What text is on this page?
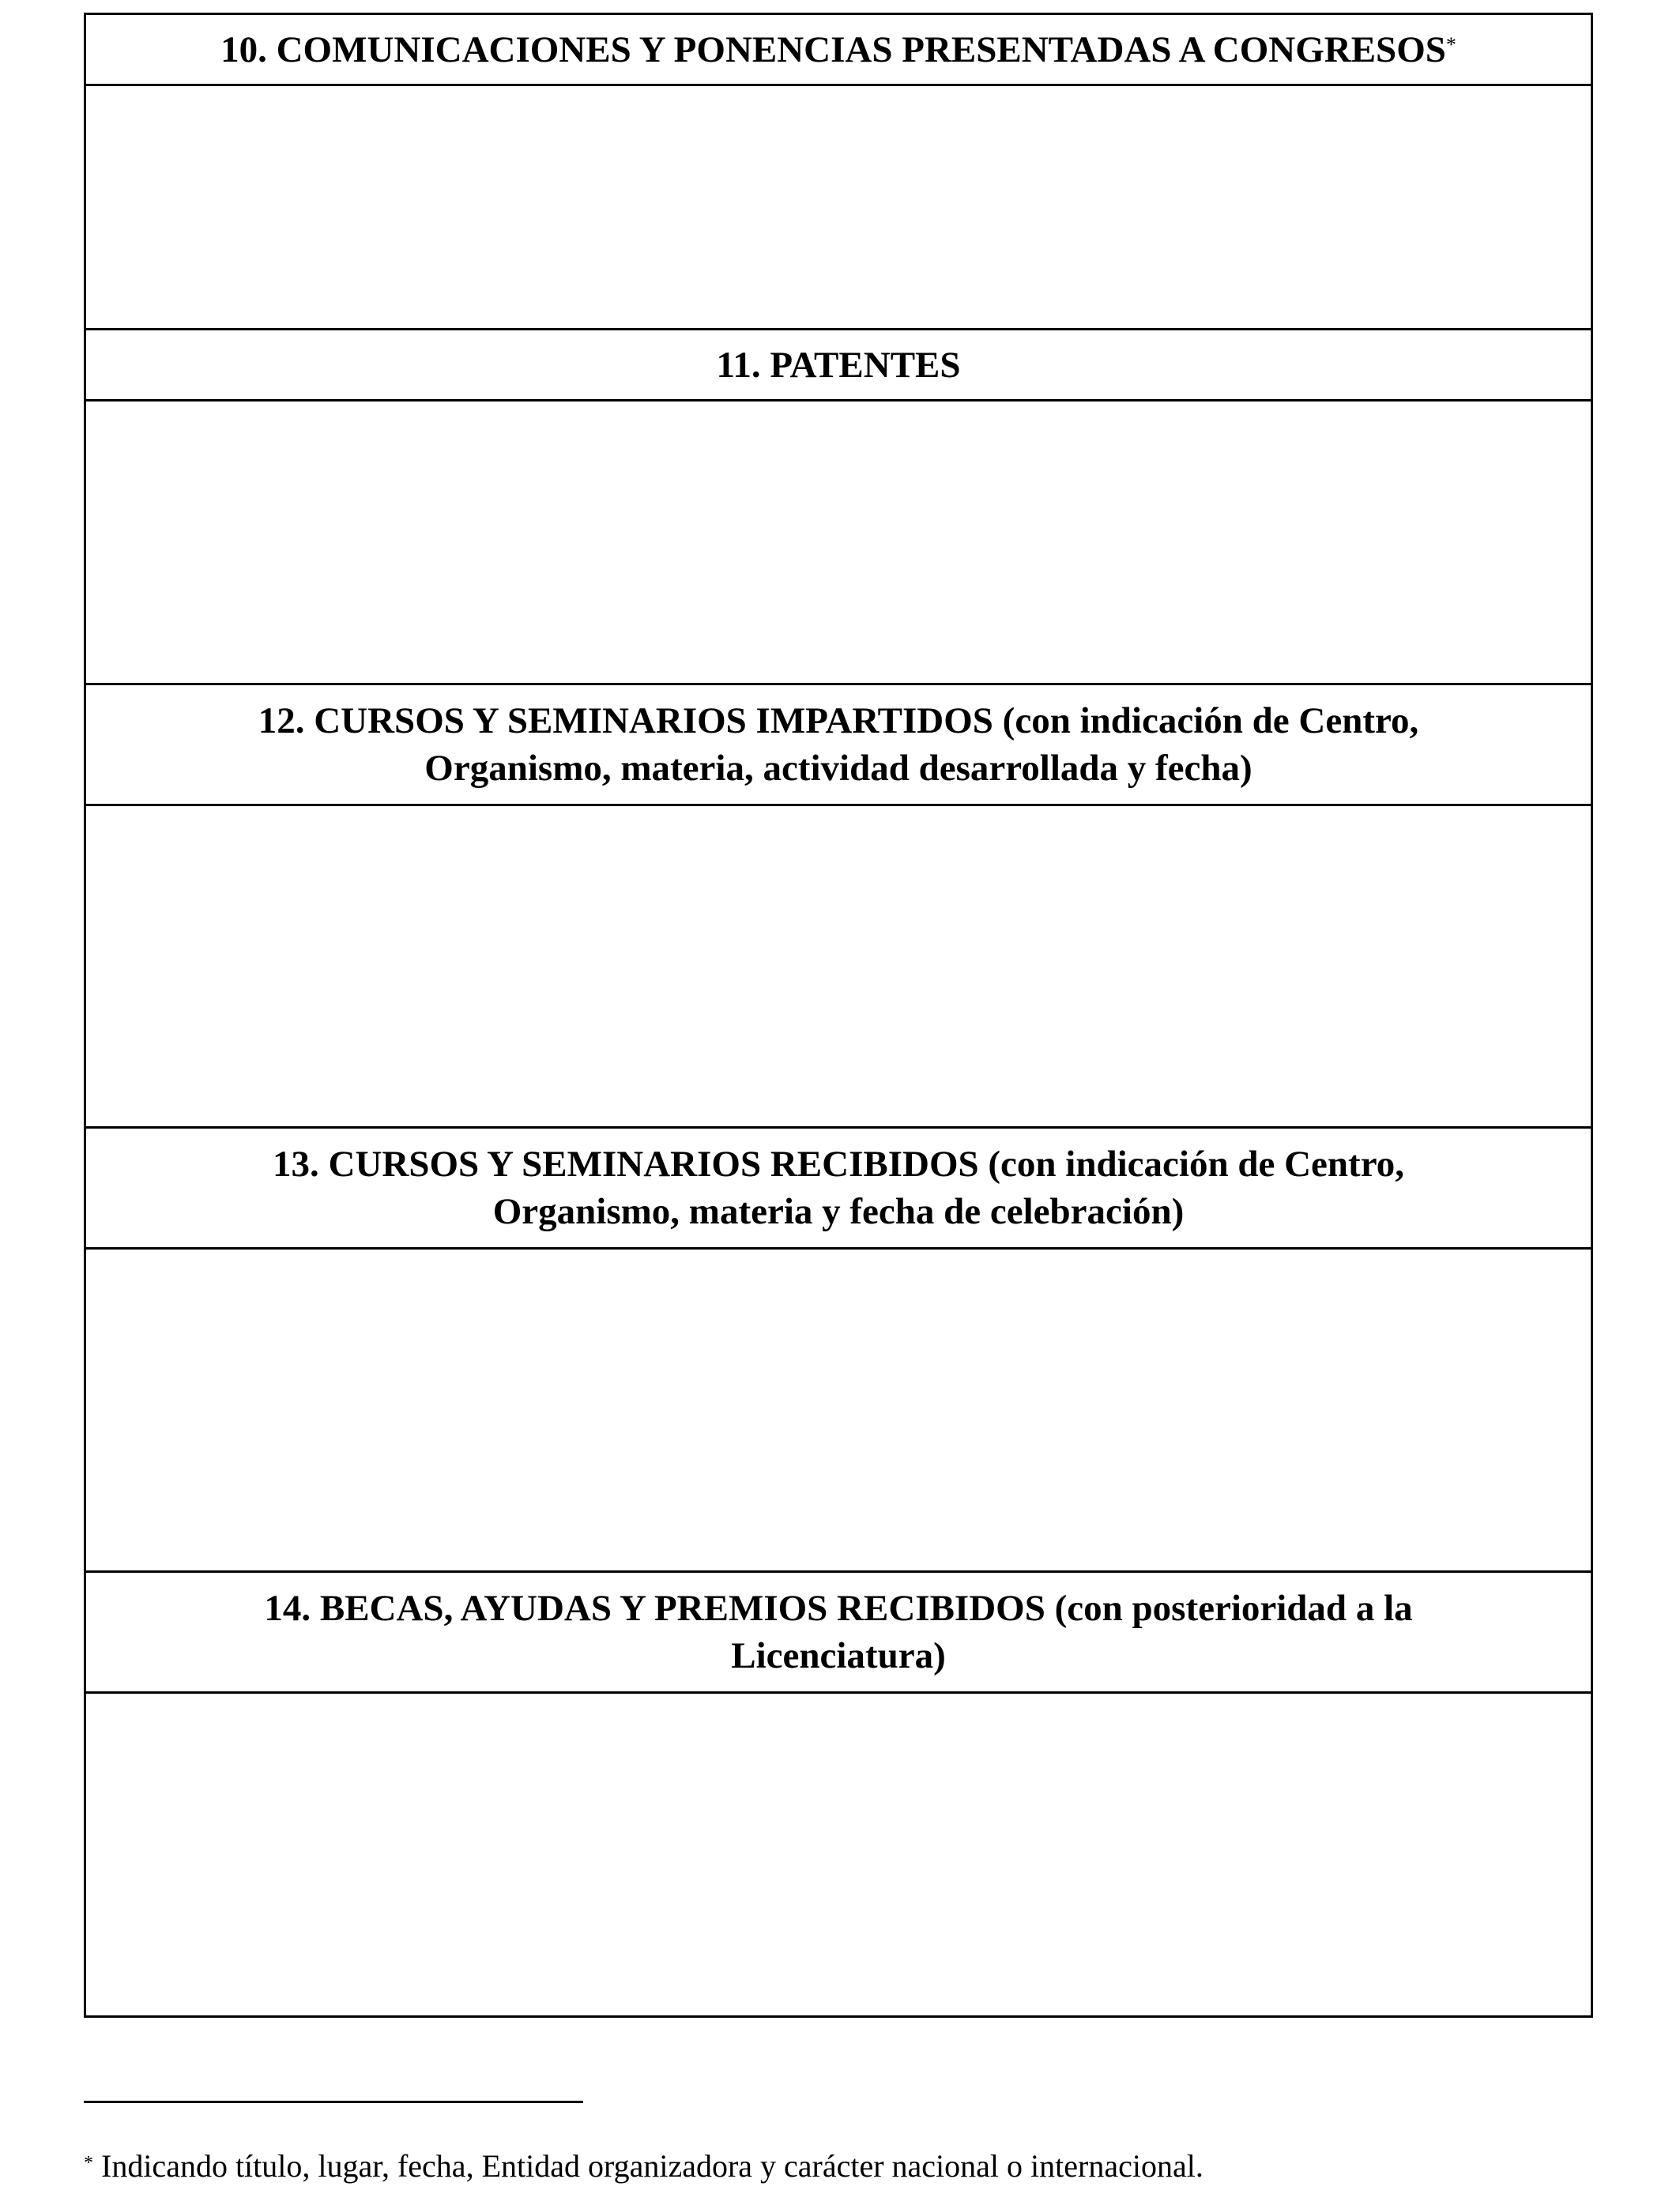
10. COMUNICACIONES Y PONENCIAS PRESENTADAS A CONGRESOS*
11. PATENTES
12. CURSOS Y SEMINARIOS IMPARTIDOS (con indicación de Centro,
Organismo, materia, actividad desarrollada y fecha)
13. CURSOS Y SEMINARIOS RECIBIDOS (con indicación de Centro,
Organismo, materia y fecha de celebración)
14. BECAS, AYUDAS Y PREMIOS RECIBIDOS (con posterioridad a la
Licenciatura)
* Indicando título, lugar, fecha, Entidad organizadora y carácter nacional o internacional.
